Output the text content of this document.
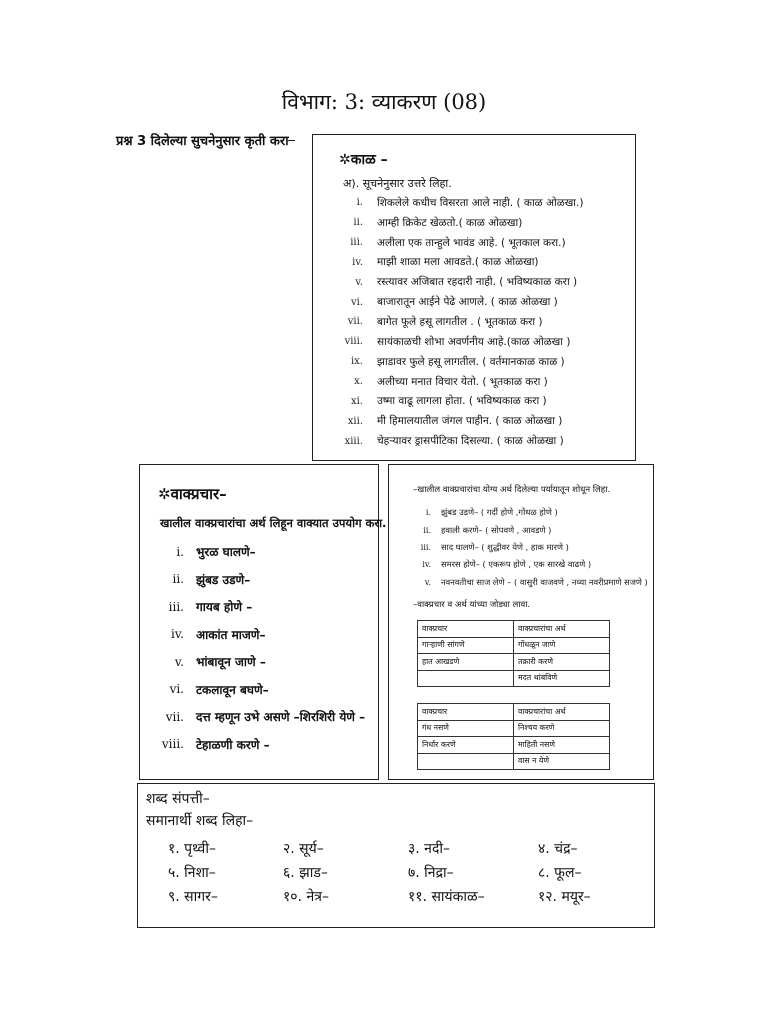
विभाग: 3: व्याकरण (08)
प्रश्न 3 दिलेल्या सुचनेनुसार कृती करा
✲काळ –
अ). सूचनेनुसार उत्तरे लिहा.
i.	शिकलेले कधीच विसरता आले नाही. ( काळ ओळखा.)
ii.	आम्ही क्रिकेट खेळतो.( काळ ओळखा)
iii.	अलीला एक तान्हुले भावंड आहे. ( भूतकाल करा.)
iv.	माझी शाळा मला आवडते.( काळ ओळखा)
v.	रस्त्यावर अजिबात रहदारी नाही. ( भविष्यकाळ करा )
vi.	बाजारातून आईने पेढे आणले. ( काळ ओळखा )
vii.	बागेत फूले हसू लागतील . ( भूतकाळ करा )
viii.	सायंकाळची शोभा अवर्णनीय आहे.(काळ ओळखा )
ix.	झाडावर फुले हसू लागतील. ( वर्तमानकाळ काळ )
x.	अलीच्या मनात विचार येतो. ( भूतकाळ करा )
xi.	उष्मा वाढू लागला होता. ( भविष्यकाळ करा )
xii.	मी हिमालयातील जंगल पाहीन. ( काळ ओळखा )
xiii.	चेहऱ्यावर ड्रासपीटिका दिसल्या. ( काळ ओळखा )
✲वाक्प्रचार–
खालील वाक्प्रचारांचा अर्थ लिहून वाक्यात उपयोग करा.
i.	भुरळ घालणे–
ii.	झुंबड उडणे–
iii.	गायब होणे –
iv.	आकांत माजणे–
v.	भांबावून जाणे –
vi.	टकलावून बघणे–
vii.	दत्त म्हणून उभे असणे –शिरशिरी येणे –
viii.	टेहाळणी करणे –
–खालील वाक्प्रचारांचा योग्य अर्थ दिलेल्या पर्यायातून शोधून लिहा.
i.	झुंबड उडणे– ( गर्दी होणे ,गोंधळ होणे )
ii.	हवाली करणे– ( सोपवणे , आवडणे )
iii.	साद घालणे– ( शुद्धीवर येणे , हाक मारणे )
iv.	समरस होणे– ( एकरूप होणे , एक सारखे वाढणे )
v.	नवनवतीचा साज लेणे – ( वासुरी वाजवणे , नव्या नवरीप्रमाणे सजणे )
–वाक्प्रचार व अर्थ यांच्या जोड्या लावा.
वाक्प्रचार	वाक्प्रचारांचा अर्थ
गाऱ्हाणी सांगणे	गोंधळून जाणे
हात आखडणे	तक्रारी करणे
	मदत थांबविणे
वाक्प्रचार	वाक्प्रचारांचा अर्थ
गंध नसणे	निश्चय करणे
निर्धार करणे	माहिती नसणे
	वास न येणे
शब्द संपत्ती–
समानार्थी शब्द लिहा–
१. पृथ्वी–	२. सूर्य–	३. नदी–	४. चंद्र–
५. निशा–	६. झाड–	७. निद्रा–	८. फूल–
९. सागर–	१०. नेत्र–	११. सायंकाळ–	१२. मयूर–
